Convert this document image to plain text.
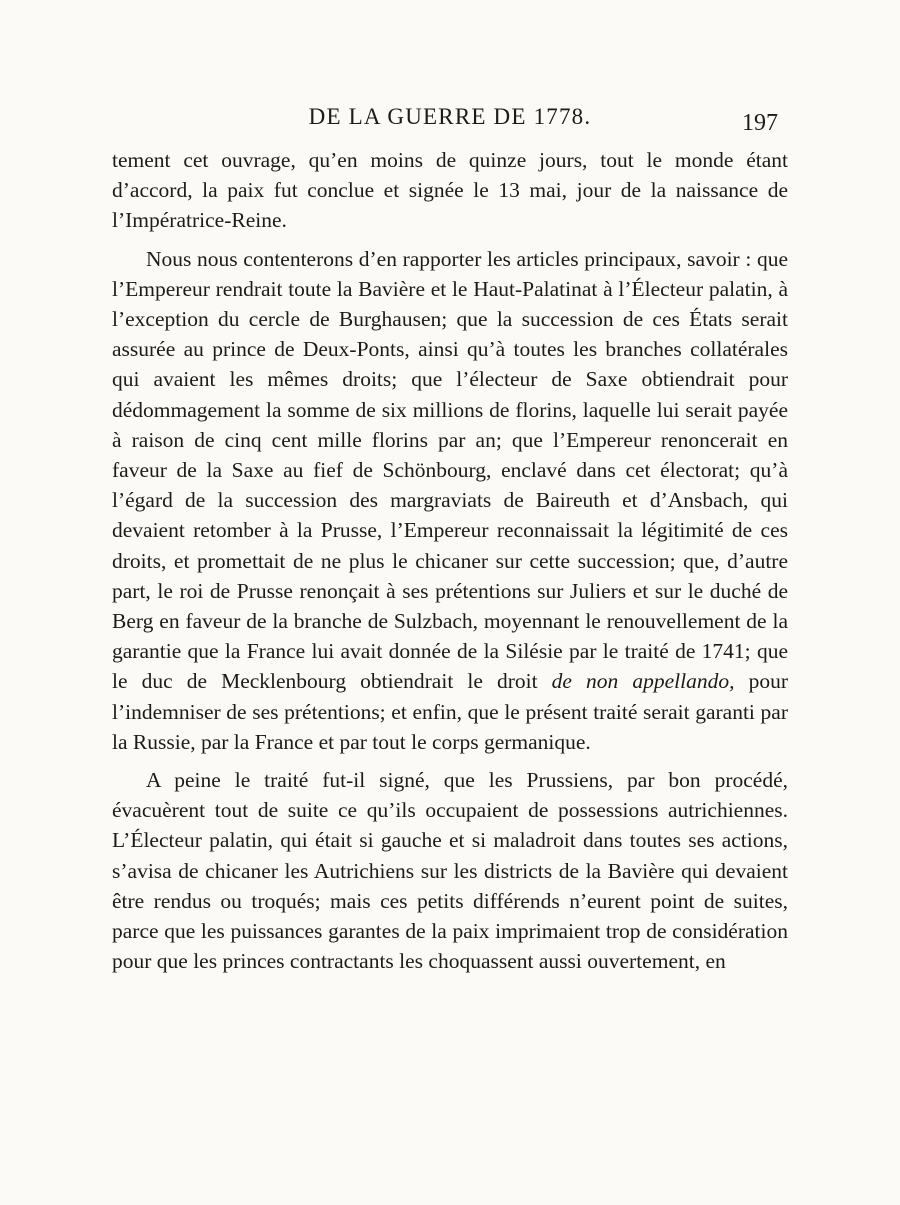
DE LA GUERRE DE 1778.	197

tement cet ouvrage, qu’en moins de quinze jours, tout le monde étant d’accord, la paix fut conclue et signée le 13 mai, jour de la naissance de l’Impératrice-Reine.

Nous nous contenterons d’en rapporter les articles principaux, savoir : que l’Empereur rendrait toute la Bavière et le Haut-Palatinat à l’Électeur palatin, à l’exception du cercle de Burghausen; que la succession de ces États serait assurée au prince de Deux-Ponts, ainsi qu’à toutes les branches collatérales qui avaient les mêmes droits; que l’électeur de Saxe obtiendrait pour dédommagement la somme de six millions de florins, laquelle lui serait payée à raison de cinq cent mille florins par an; que l’Empereur renoncerait en faveur de la Saxe au fief de Schönbourg, enclavé dans cet électorat; qu’à l’égard de la succession des margraviats de Baireuth et d’Ansbach, qui devaient retomber à la Prusse, l’Empereur reconnaissait la légitimité de ces droits, et promettait de ne plus le chicaner sur cette succession; que, d’autre part, le roi de Prusse renonçait à ses prétentions sur Juliers et sur le duché de Berg en faveur de la branche de Sulzbach, moyennant le renouvellement de la garantie que la France lui avait donnée de la Silésie par le traité de 1741; que le duc de Mecklenbourg obtiendrait le droit de non appellando, pour l’indemniser de ses prétentions; et enfin, que le présent traité serait garanti par la Russie, par la France et par tout le corps germanique.

A peine le traité fut-il signé, que les Prussiens, par bon procédé, évacuèrent tout de suite ce qu’ils occupaient de possessions autrichiennes. L’Électeur palatin, qui était si gauche et si maladroit dans toutes ses actions, s’avisa de chicaner les Autrichiens sur les districts de la Bavière qui devaient être rendus ou troqués; mais ces petits différends n’eurent point de suites, parce que les puissances garantes de la paix imprimaient trop de considération pour que les princes contractants les choquassent aussi ouvertement, en
